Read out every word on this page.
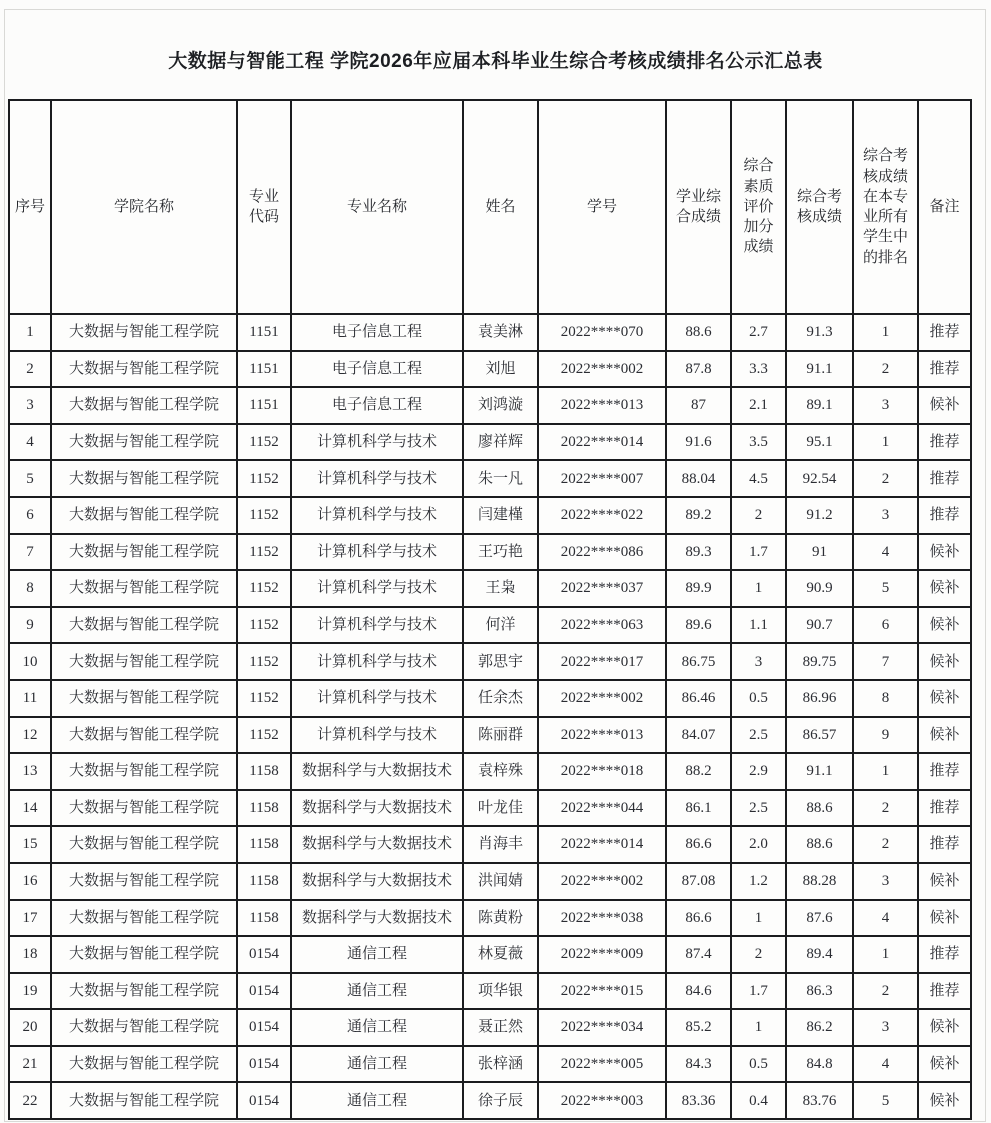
大数据与智能工程 学院2026年应届本科毕业生综合考核成绩排名公示汇总表
序号	学院名称	专业代码	专业名称	姓名	学号	学业综合成绩	综合素质评价加分成绩	综合考核成绩	综合考核成绩在本专业所有学生中的排名	备注
1	大数据与智能工程学院	1151	电子信息工程	袁美淋	2022****070	88.6	2.7	91.3	1	推荐
2	大数据与智能工程学院	1151	电子信息工程	刘旭	2022****002	87.8	3.3	91.1	2	推荐
3	大数据与智能工程学院	1151	电子信息工程	刘鸿漩	2022****013	87	2.1	89.1	3	候补
4	大数据与智能工程学院	1152	计算机科学与技术	廖祥辉	2022****014	91.6	3.5	95.1	1	推荐
5	大数据与智能工程学院	1152	计算机科学与技术	朱一凡	2022****007	88.04	4.5	92.54	2	推荐
6	大数据与智能工程学院	1152	计算机科学与技术	闫建槿	2022****022	89.2	2	91.2	3	推荐
7	大数据与智能工程学院	1152	计算机科学与技术	王巧艳	2022****086	89.3	1.7	91	4	候补
8	大数据与智能工程学院	1152	计算机科学与技术	王枭	2022****037	89.9	1	90.9	5	候补
9	大数据与智能工程学院	1152	计算机科学与技术	何洋	2022****063	89.6	1.1	90.7	6	候补
10	大数据与智能工程学院	1152	计算机科学与技术	郭思宇	2022****017	86.75	3	89.75	7	候补
11	大数据与智能工程学院	1152	计算机科学与技术	任余杰	2022****002	86.46	0.5	86.96	8	候补
12	大数据与智能工程学院	1152	计算机科学与技术	陈丽群	2022****013	84.07	2.5	86.57	9	候补
13	大数据与智能工程学院	1158	数据科学与大数据技术	袁梓殊	2022****018	88.2	2.9	91.1	1	推荐
14	大数据与智能工程学院	1158	数据科学与大数据技术	叶龙佳	2022****044	86.1	2.5	88.6	2	推荐
15	大数据与智能工程学院	1158	数据科学与大数据技术	肖海丰	2022****014	86.6	2.0	88.6	2	推荐
16	大数据与智能工程学院	1158	数据科学与大数据技术	洪闻婧	2022****002	87.08	1.2	88.28	3	候补
17	大数据与智能工程学院	1158	数据科学与大数据技术	陈黄粉	2022****038	86.6	1	87.6	4	候补
18	大数据与智能工程学院	0154	通信工程	林夏薇	2022****009	87.4	2	89.4	1	推荐
19	大数据与智能工程学院	0154	通信工程	项华银	2022****015	84.6	1.7	86.3	2	推荐
20	大数据与智能工程学院	0154	通信工程	聂正然	2022****034	85.2	1	86.2	3	候补
21	大数据与智能工程学院	0154	通信工程	张梓涵	2022****005	84.3	0.5	84.8	4	候补
22	大数据与智能工程学院	0154	通信工程	徐子辰	2022****003	83.36	0.4	83.76	5	候补
